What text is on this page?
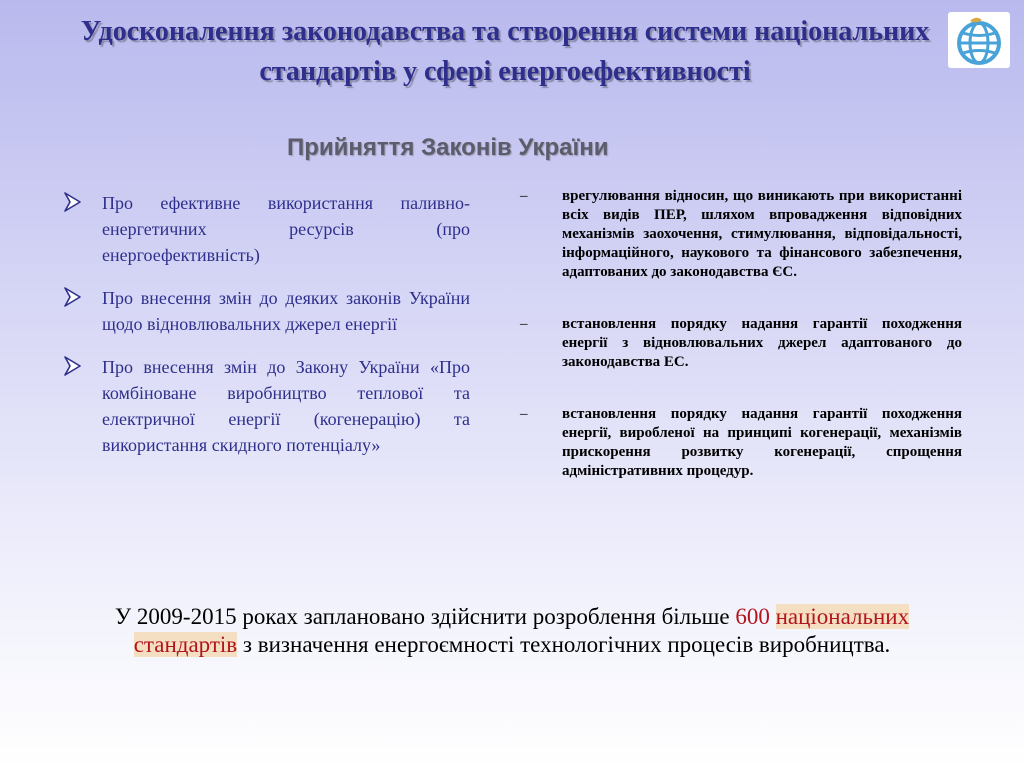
Удосконалення законодавства та створення системи національних стандартів у сфері енергоефективності
Прийняття Законів України
Про ефективне використання паливно-енергетичних ресурсів (про енергоефективність)
Про внесення змін до деяких законів України щодо відновлювальних джерел енергії
Про внесення змін до Закону України «Про комбіноване виробництво теплової та електричної енергії (когенерацію) та використання скидного потенціалу»
– врегулювання відносин, що виникають при використанні всіх видів ПЕР, шляхом впровадження відповідних механізмів заохочення, стимулювання, відповідальності, інформаційного, наукового та фінансового забезпечення, адаптованих до законодавства ЄС.
– встановлення порядку надання гарантії походження енергії з відновлювальних джерел адаптованого до законодавства ЕС.
– встановлення порядку надання гарантії походження енергії, виробленої на принципі когенерації, механізмів прискорення розвитку когенерації, спрощення адміністративних процедур.
У 2009-2015 роках заплановано здійснити розроблення більше 600 національних стандартів з визначення енергоємності технологічних процесів виробництва.
